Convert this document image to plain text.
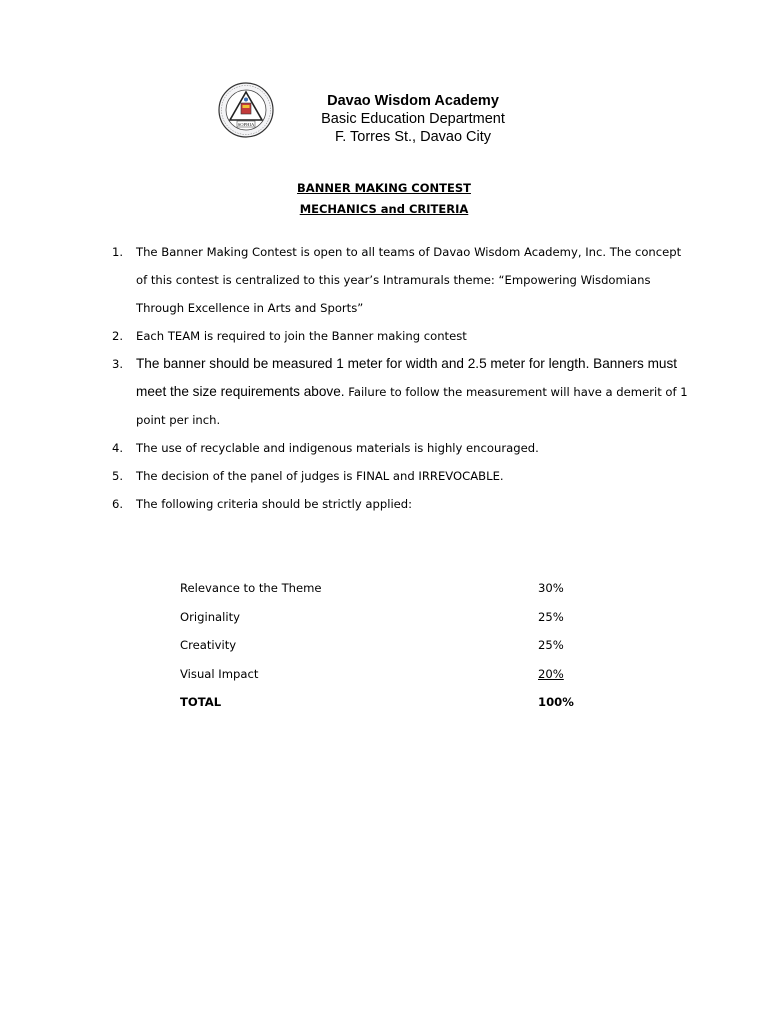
SOPHIA
Davao Wisdom Academy
Basic Education Department
F. Torres St., Davao City
BANNER MAKING CONTEST
MECHANICS and CRITERIA
1. The Banner Making Contest is open to all teams of Davao Wisdom Academy, Inc. The concept of this contest is centralized to this year’s Intramurals theme: “Empowering Wisdomians Through Excellence in Arts and Sports”
2. Each TEAM is required to join the Banner making contest
3. The banner should be measured 1 meter for width and 2.5 meter for length. Banners must meet the size requirements above. Failure to follow the measurement will have a demerit of 1 point per inch.
4. The use of recyclable and indigenous materials is highly encouraged.
5. The decision of the panel of judges is FINAL and IRREVOCABLE.
6. The following criteria should be strictly applied:
Relevance to the Theme	30%
Originality	25%
Creativity	25%
Visual Impact	20%
TOTAL	100%
